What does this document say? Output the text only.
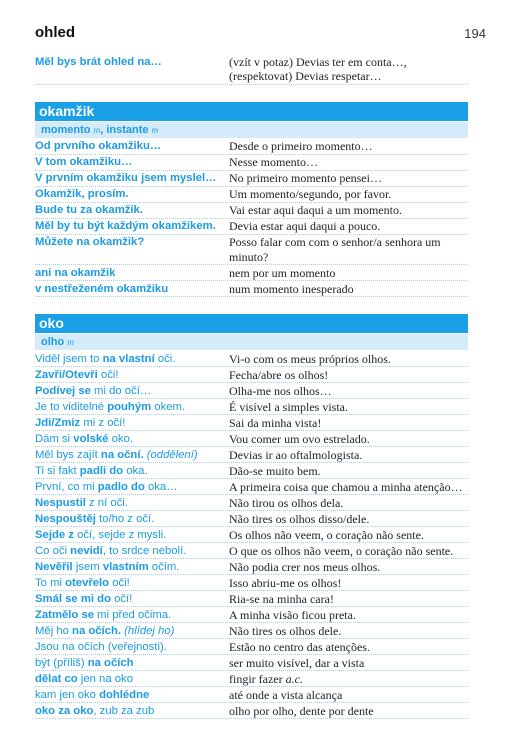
ohled	194
Měl bys brát ohled na…	(vzít v potaz) Devias ter em conta…, (respektovat) Devias respetar…
okamžik
momento m, instante m
Od prvního okamžiku…	Desde o primeiro momento…
V tom okamžiku…	Nesse momento…
V prvním okamžiku jsem myslel…	No primeiro momento pensei…
Okamžik, prosím.	Um momento/segundo, por favor.
Bude tu za okamžik.	Vai estar aqui daqui a um momento.
Měl by tu být každým okamžikem.	Devia estar aqui daqui a pouco.
Můžete na okamžik?	Posso falar com com o senhor/a senhora um minuto?
ani na okamžik	nem por um momento
v nestřeženém okamžiku	num momento inesperado
oko
olho m
Viděl jsem to na vlastní oči.	Vi-o com os meus próprios olhos.
Zavři/Otevři oči!	Fecha/abre os olhos!
Podívej se mi do očí…	Olha-me nos olhos…
Je to viditelné pouhým okem.	É visível a simples vista.
Jdi/Zmiz mi z očí!	Sai da minha vista!
Dám si volské oko.	Vou comer um ovo estrelado.
Měl bys zajít na oční. (oddělení)	Devias ir ao oftalmologista.
Ti si fakt padli do oka.	Dão-se muito bem.
První, co mi padlo do oka…	A primeira coisa que chamou a minha atenção…
Nespustil z ní oči.	Não tirou os olhos dela.
Nespouštěj to/ho z očí.	Não tires os olhos disso/dele.
Sejde z očí, sejde z mysli.	Os olhos não veem, o coração não sente.
Co oči nevidí, to srdce nebolí.	O que os olhos não veem, o coração não sente.
Nevěřil jsem vlastním očím.	Não podia crer nos meus olhos.
To mi otevřelo oči!	Isso abriu-me os olhos!
Smál se mi do očí!	Ria-se na minha cara!
Zatmělo se mi před očima.	A minha visão ficou preta.
Měj ho na očích. (hlídej ho)	Não tires os olhos dele.
Jsou na očích (veřejnosti).	Estão no centro das atenções.
být (příliš) na očích	ser muito visível, dar a vista
dělat co jen na oko	fingir fazer a.c.
kam jen oko dohlédne	até onde a vista alcança
oko za oko, zub za zub	olho por olho, dente por dente
